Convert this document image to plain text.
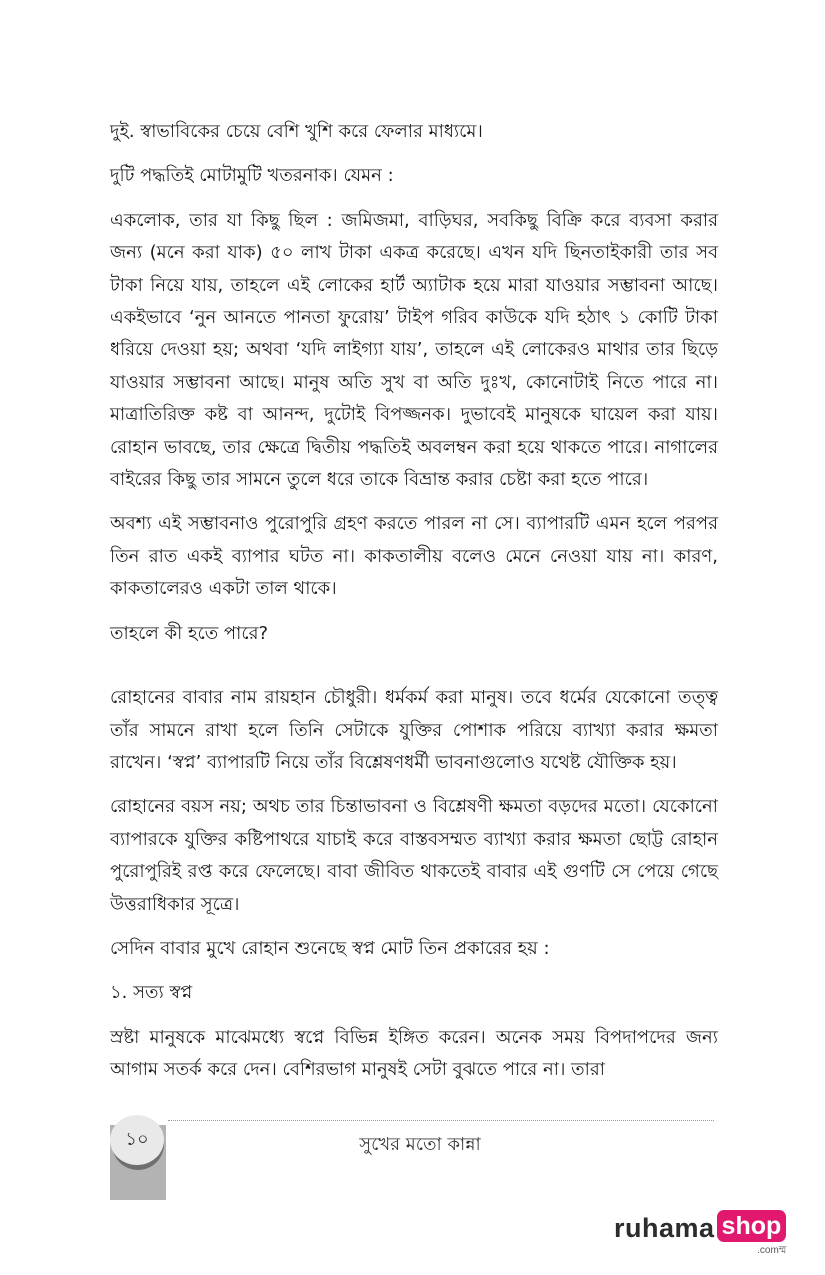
দুই. স্বাভাবিকের চেয়ে বেশি খুশি করে ফেলার মাধ্যমে।

দুটি পদ্ধতিই মোটামুটি খতরনাক। যেমন :

একলোক, তার যা কিছু ছিল : জমিজমা, বাড়িঘর, সবকিছু বিক্রি করে ব্যবসা করার জন্য (মনে করা যাক) ৫০ লাখ টাকা একত্র করেছে। এখন যদি ছিনতাইকারী তার সব টাকা নিয়ে যায়, তাহলে এই লোকের হার্ট অ্যাটাক হয়ে মারা যাওয়ার সম্ভাবনা আছে। একইভাবে ‘নুন আনতে পানতা ফুরোয়’ টাইপ গরিব কাউকে যদি হঠাৎ ১ কোটি টাকা ধরিয়ে দেওয়া হয়; অথবা ‘যদি লাইগ্যা যায়’, তাহলে এই লোকেরও মাথার তার ছিড়ে যাওয়ার সম্ভাবনা আছে। মানুষ অতি সুখ বা অতি দুঃখ, কোনোটাই নিতে পারে না। মাত্রাতিরিক্ত কষ্ট বা আনন্দ, দুটোই বিপজ্জনক। দুভাবেই মানুষকে ঘায়েল করা যায়। রোহান ভাবছে, তার ক্ষেত্রে দ্বিতীয় পদ্ধতিই অবলম্বন করা হয়ে থাকতে পারে। নাগালের বাইরের কিছু তার সামনে তুলে ধরে তাকে বিভ্রান্ত করার চেষ্টা করা হতে পারে।

অবশ্য এই সম্ভাবনাও পুরোপুরি গ্রহণ করতে পারল না সে। ব্যাপারটি এমন হলে পরপর তিন রাত একই ব্যাপার ঘটত না। কাকতালীয় বলেও মেনে নেওয়া যায় না। কারণ, কাকতালেরও একটা তাল থাকে।

তাহলে কী হতে পারে?

রোহানের বাবার নাম রায়হান চৌধুরী। ধর্মকর্ম করা মানুষ। তবে ধর্মের যেকোনো তত্ত্ব তাঁর সামনে রাখা হলে তিনি সেটাকে যুক্তির পোশাক পরিয়ে ব্যাখ্যা করার ক্ষমতা রাখেন। ‘স্বপ্ন’ ব্যাপারটি নিয়ে তাঁর বিশ্লেষণধর্মী ভাবনাগুলোও যথেষ্ট যৌক্তিক হয়।

রোহানের বয়স নয়; অথচ তার চিন্তাভাবনা ও বিশ্লেষণী ক্ষমতা বড়দের মতো। যেকোনো ব্যাপারকে যুক্তির কষ্টিপাথরে যাচাই করে বাস্তবসম্মত ব্যাখ্যা করার ক্ষমতা ছোট্ট রোহান পুরোপুরিই রপ্ত করে ফেলেছে। বাবা জীবিত থাকতেই বাবার এই গুণটি সে পেয়ে গেছে উত্তরাধিকার সূত্রে।

সেদিন বাবার মুখে রোহান শুনেছে স্বপ্ন মোট তিন প্রকারের হয় :

১. সত্য স্বপ্ন

স্রষ্টা মানুষকে মাঝেমধ্যে স্বপ্নে বিভিন্ন ইঙ্গিত করেন। অনেক সময় বিপদাপদের জন্য আগাম সতর্ক করে দেন। বেশিরভাগ মানুষই সেটা বুঝতে পারে না। তারা

১০	সুখের মতো কান্না
ruhama shop
.comম্ম
